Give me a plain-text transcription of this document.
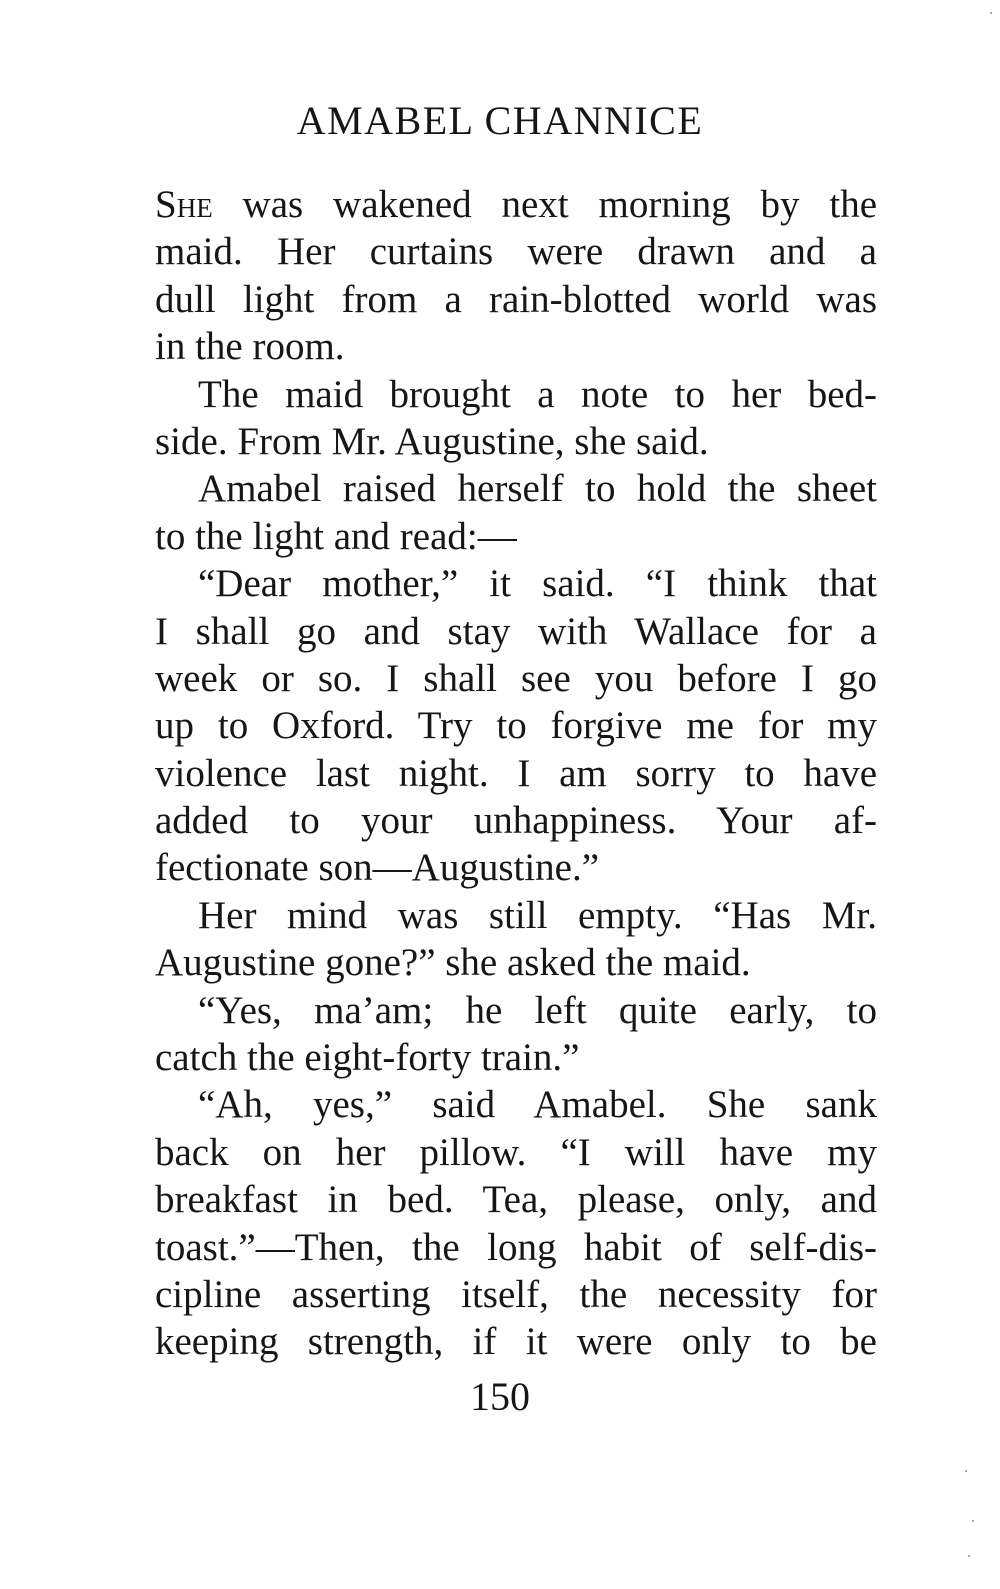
AMABEL CHANNICE
She was wakened next morning by the
maid. Her curtains were drawn and a
dull light from a rain-blotted world was
in the room.
The maid brought a note to her bed-
side. From Mr. Augustine, she said.
Amabel raised herself to hold the sheet
to the light and read:—
“Dear mother,” it said. “I think that
I shall go and stay with Wallace for a
week or so. I shall see you before I go
up to Oxford. Try to forgive me for my
violence last night. I am sorry to have
added to your unhappiness. Your af-
fectionate son—Augustine.”
Her mind was still empty. “Has Mr.
Augustine gone?” she asked the maid.
“Yes, ma’am; he left quite early, to
catch the eight-forty train.”
“Ah, yes,” said Amabel. She sank
back on her pillow. “I will have my
breakfast in bed. Tea, please, only, and
toast.”—Then, the long habit of self-dis-
cipline asserting itself, the necessity for
keeping strength, if it were only to be
150
